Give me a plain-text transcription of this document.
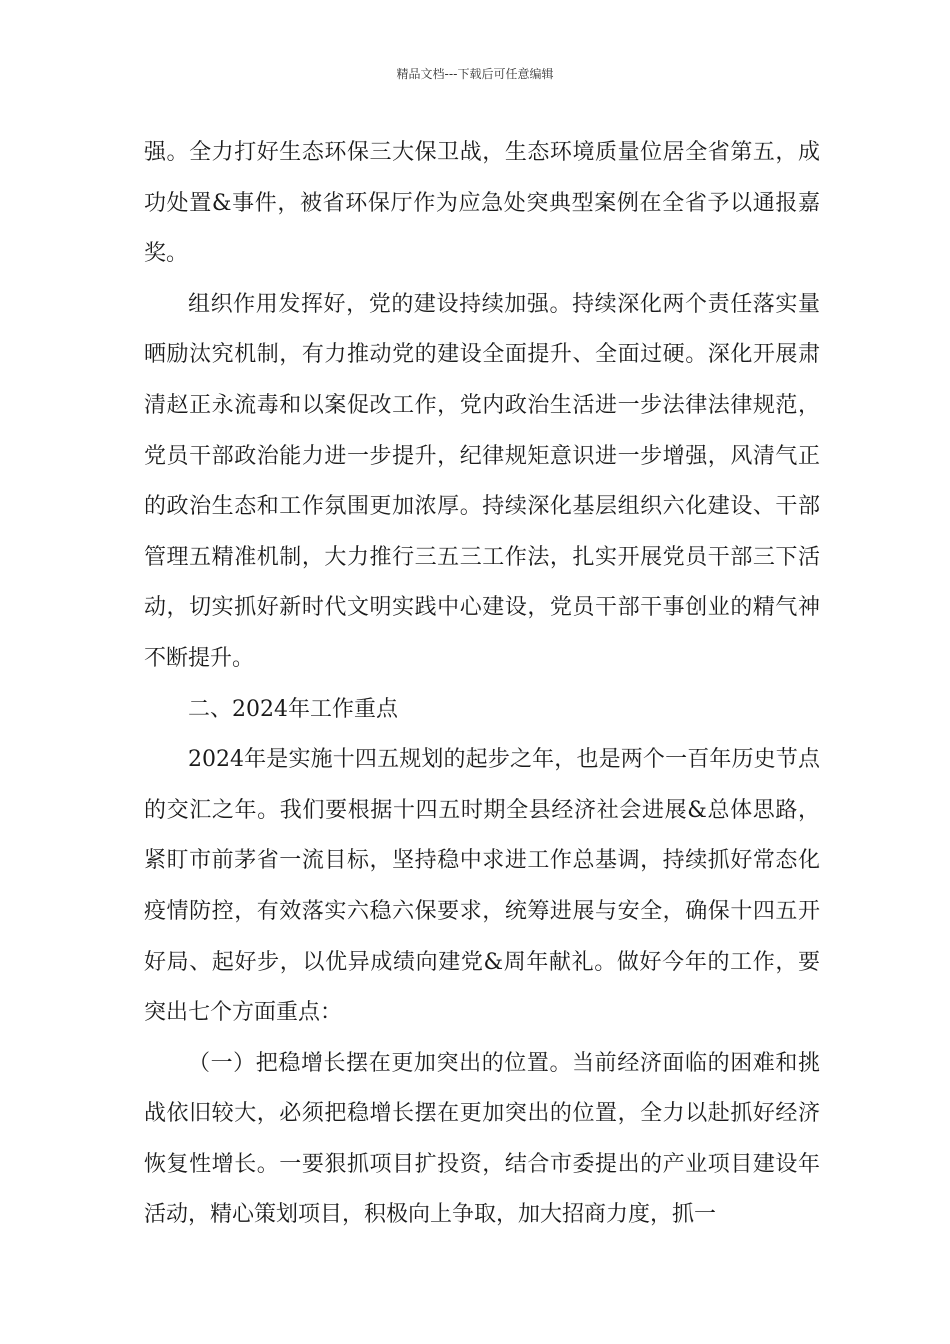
精品文档---下载后可任意编辑

强。全力打好生态环保三大保卫战，生态环境质量位居全省第五，成功处置&事件，被省环保厅作为应急处突典型案例在全省予以通报嘉奖。

组织作用发挥好，党的建设持续加强。持续深化两个责任落实量晒励汰究机制，有力推动党的建设全面提升、全面过硬。深化开展肃清赵正永流毒和以案促改工作，党内政治生活进一步法律法律规范，党员干部政治能力进一步提升，纪律规矩意识进一步增强，风清气正的政治生态和工作氛围更加浓厚。持续深化基层组织六化建设、干部管理五精准机制，大力推行三五三工作法，扎实开展党员干部三下活动，切实抓好新时代文明实践中心建设，党员干部干事创业的精气神不断提升。

二、2024年工作重点

2024年是实施十四五规划的起步之年，也是两个一百年历史节点的交汇之年。我们要根据十四五时期全县经济社会进展&总体思路，紧盯市前茅省一流目标，坚持稳中求进工作总基调，持续抓好常态化疫情防控，有效落实六稳六保要求，统筹进展与安全，确保十四五开好局、起好步，以优异成绩向建党&周年献礼。做好今年的工作，要突出七个方面重点：

（一）把稳增长摆在更加突出的位置。当前经济面临的困难和挑战依旧较大，必须把稳增长摆在更加突出的位置，全力以赴抓好经济恢复性增长。一要狠抓项目扩投资，结合市委提出的产业项目建设年活动，精心策划项目，积极向上争取，加大招商力度，抓一
